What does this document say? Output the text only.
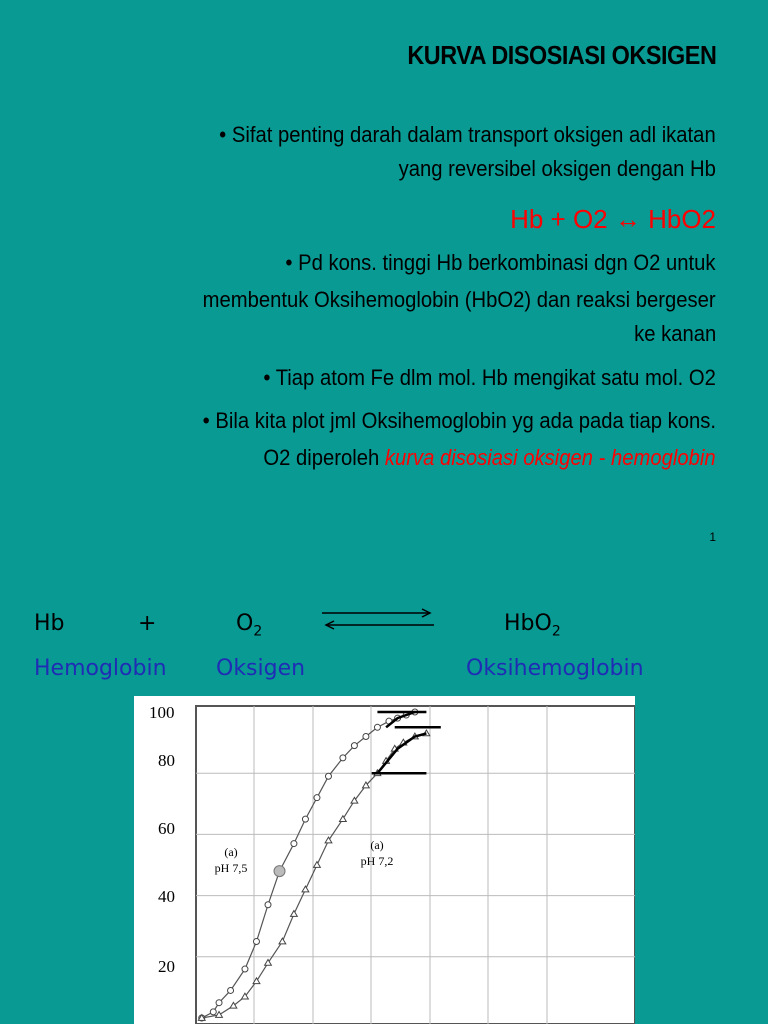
KURVA DISOSIASI OKSIGEN
• Sifat penting darah dalam transport oksigen adl ikatan
yang reversibel oksigen dengan Hb
Hb + O2 ↔ HbO2
• Pd kons. tinggi Hb berkombinasi dgn O2 untuk
membentuk Oksihemoglobin (HbO2) dan reaksi bergeser
ke kanan
• Tiap atom Fe dlm mol. Hb mengikat satu mol. O2
• Bila kita plot jml Oksihemoglobin yg ada pada tiap kons.
O2 diperoleh kurva disosiasi oksigen - hemoglobin
1
Hb	+	$O_2$	HbO$_2$
Hemoglobin Oksigen	Oksihemoglobin
100
80
60
40
20
(a)
pH 7,5
(a)
pH 7,2
